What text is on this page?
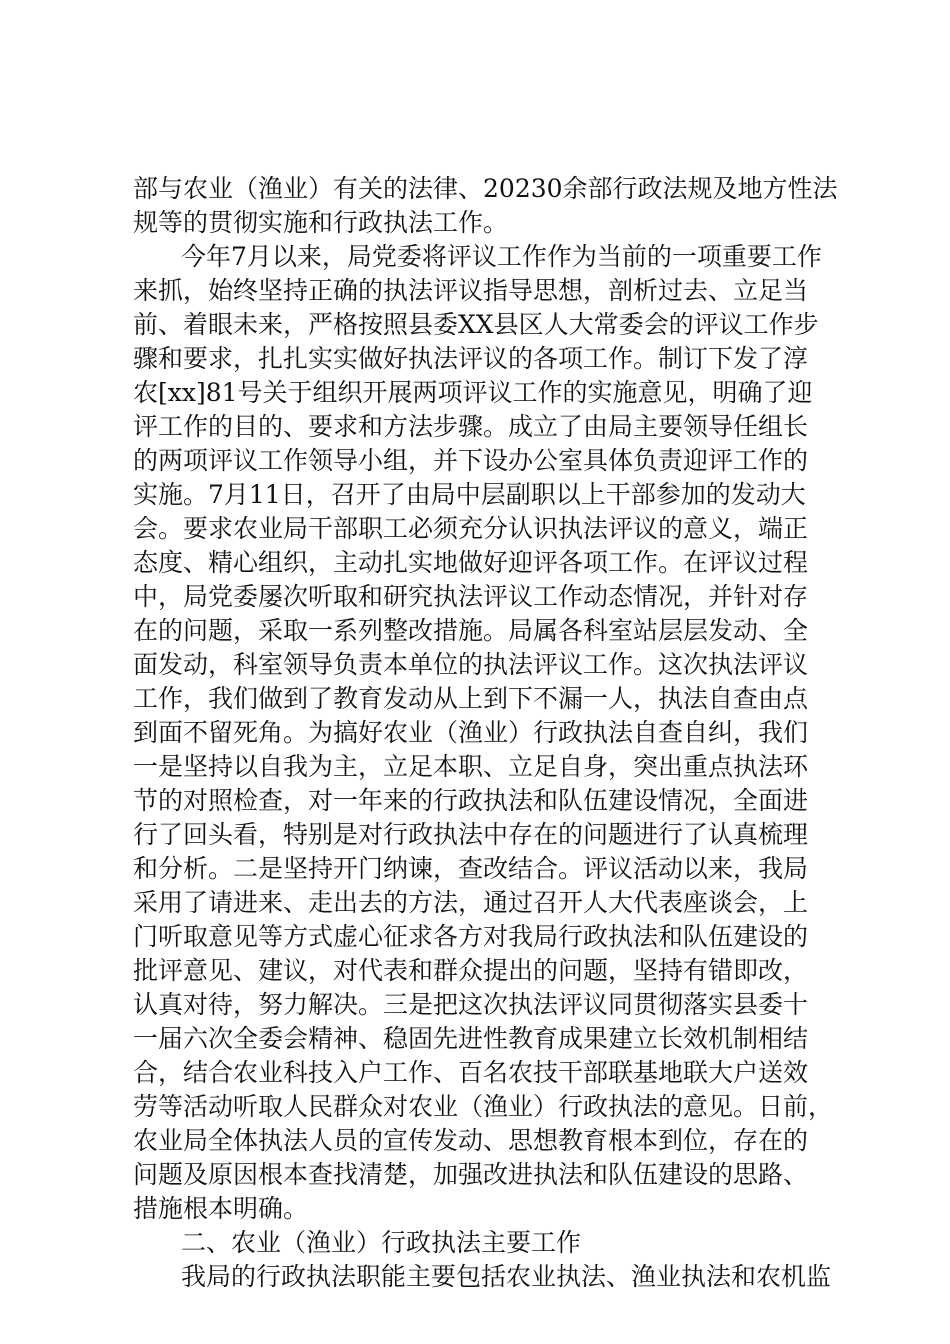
部与农业（渔业）有关的法律、20230余部行政法规及地方性法
规等的贯彻实施和行政执法工作。

今年7月以来，局党委将评议工作作为当前的一项重要工作
来抓，始终坚持正确的执法评议指导思想，剖析过去、立足当
前、着眼未来，严格按照县委XX县区人大常委会的评议工作步
骤和要求，扎扎实实做好执法评议的各项工作。制订下发了淳
农[xx]81号关于组织开展两项评议工作的实施意见，明确了迎
评工作的目的、要求和方法步骤。成立了由局主要领导任组长
的两项评议工作领导小组，并下设办公室具体负责迎评工作的
实施。7月11日，召开了由局中层副职以上干部参加的发动大
会。要求农业局干部职工必须充分认识执法评议的意义，端正
态度、精心组织，主动扎实地做好迎评各项工作。在评议过程
中，局党委屡次听取和研究执法评议工作动态情况，并针对存
在的问题，采取一系列整改措施。局属各科室站层层发动、全
面发动，科室领导负责本单位的执法评议工作。这次执法评议
工作，我们做到了教育发动从上到下不漏一人，执法自查由点
到面不留死角。为搞好农业（渔业）行政执法自查自纠，我们
一是坚持以自我为主，立足本职、立足自身，突出重点执法环
节的对照检查，对一年来的行政执法和队伍建设情况，全面进
行了回头看，特别是对行政执法中存在的问题进行了认真梳理
和分析。二是坚持开门纳谏，查改结合。评议活动以来，我局
采用了请进来、走出去的方法，通过召开人大代表座谈会，上
门听取意见等方式虚心征求各方对我局行政执法和队伍建设的
批评意见、建议，对代表和群众提出的问题，坚持有错即改，
认真对待，努力解决。三是把这次执法评议同贯彻落实县委十
一届六次全委会精神、稳固先进性教育成果建立长效机制相结
合，结合农业科技入户工作、百名农技干部联基地联大户送效
劳等活动听取人民群众对农业（渔业）行政执法的意见。日前，
农业局全体执法人员的宣传发动、思想教育根本到位，存在的
问题及原因根本查找清楚，加强改进执法和队伍建设的思路、
措施根本明确。

二、农业（渔业）行政执法主要工作

我局的行政执法职能主要包括农业执法、渔业执法和农机监
